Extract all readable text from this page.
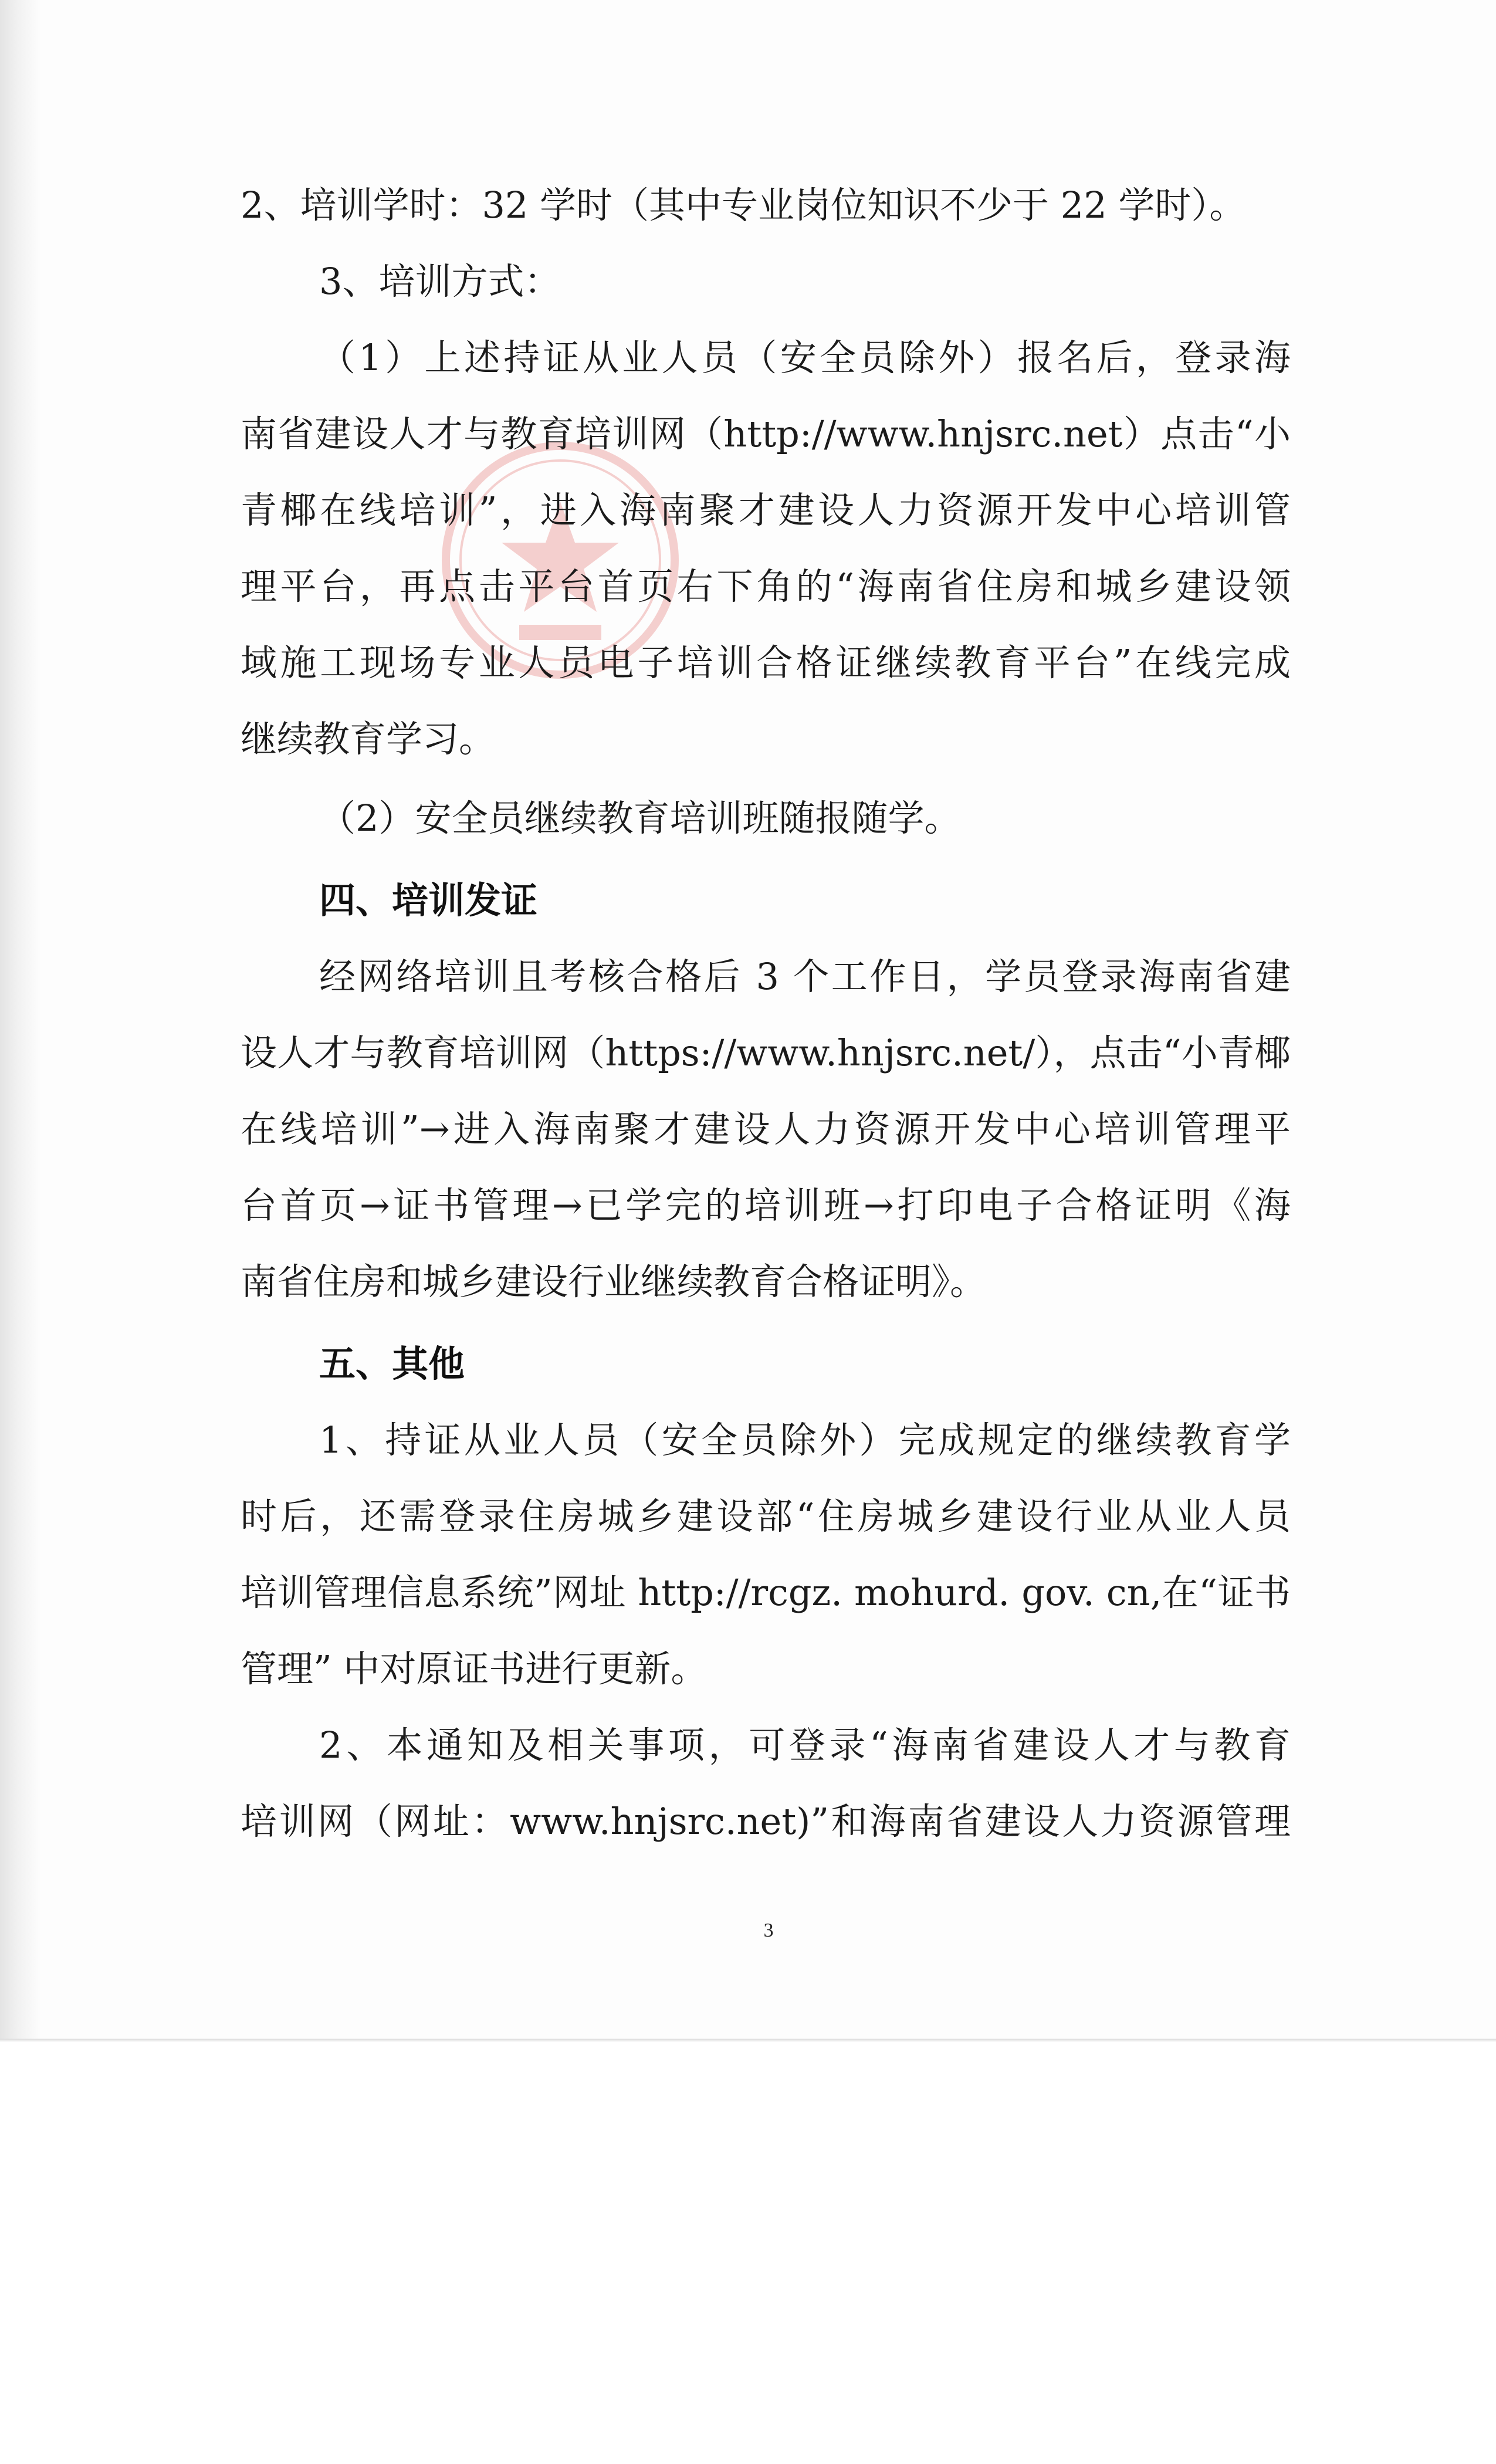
2、培训学时：32 学时（其中专业岗位知识不少于 22 学时）。
3、培训方式：
（1）上述持证从业人员（安全员除外）报名后，登录海
南省建设人才与教育培训网（http://www.hnjsrc.net）点击“小
青椰在线培训”，进入海南聚才建设人力资源开发中心培训管
理平台，再点击平台首页右下角的“海南省住房和城乡建设领
域施工现场专业人员电子培训合格证继续教育平台”在线完成
继续教育学习。
（2）安全员继续教育培训班随报随学。
四、培训发证
经网络培训且考核合格后 3 个工作日，学员登录海南省建
设人才与教育培训网（https://www.hnjsrc.net/），点击“小青椰
在线培训”→进入海南聚才建设人力资源开发中心培训管理平
台首页→证书管理→已学完的培训班→打印电子合格证明《海
南省住房和城乡建设行业继续教育合格证明》。
五、其他
1、持证从业人员（安全员除外）完成规定的继续教育学
时后，还需登录住房城乡建设部“住房城乡建设行业从业人员
培训管理信息系统”网址 http://rcgz. mohurd. gov. cn,在“证书
管理” 中对原证书进行更新。
2、本通知及相关事项，可登录“海南省建设人才与教育
培训网（网址：www.hnjsrc.net)”和海南省建设人力资源管理
3
